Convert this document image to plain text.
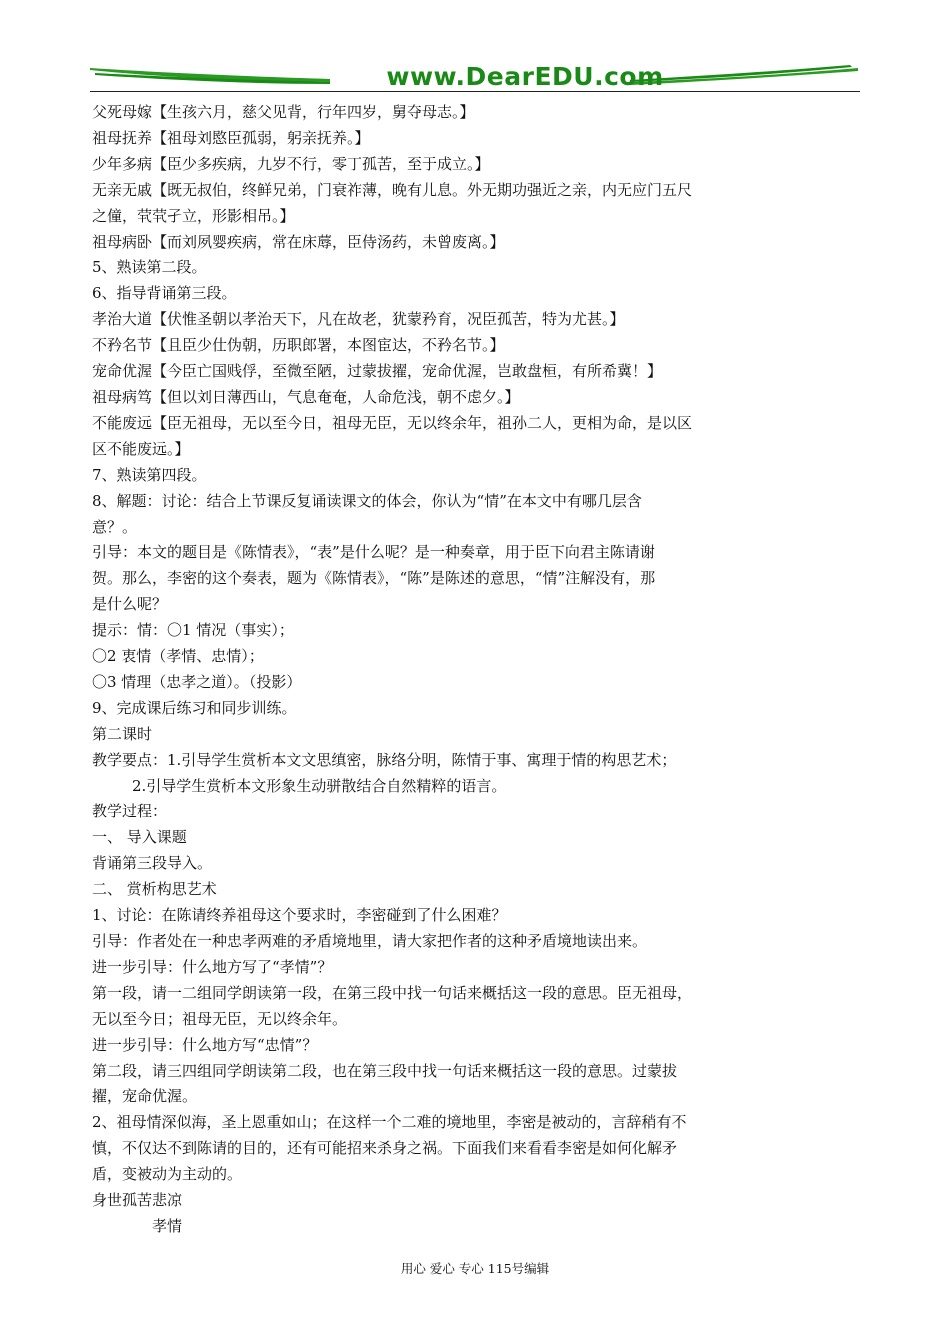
www.DearEDU.com
父死母嫁【生孩六月，慈父见背，行年四岁，舅夺母志。】
祖母抚养【祖母刘愍臣孤弱，躬亲抚养。】
少年多病【臣少多疾病，九岁不行，零丁孤苦，至于成立。】
无亲无戚【既无叔伯，终鲜兄弟，门衰祚薄，晚有儿息。外无期功强近之亲，内无应门五尺
之僮，茕茕孑立，形影相吊。】
祖母病卧【而刘夙婴疾病，常在床蓐，臣侍汤药，未曾废离。】
5、熟读第二段。
6、指导背诵第三段。
孝治大道【伏惟圣朝以孝治天下，凡在故老，犹蒙矜育，况臣孤苦，特为尤甚。】
不矜名节【且臣少仕伪朝，历职郎署，本图宦达，不矜名节。】
宠命优渥【今臣亡国贱俘，至微至陋，过蒙拔擢，宠命优渥，岂敢盘桓，有所希冀！】
祖母病笃【但以刘日薄西山，气息奄奄，人命危浅，朝不虑夕。】
不能废远【臣无祖母，无以至今日，祖母无臣，无以终余年，祖孙二人，更相为命，是以区
区不能废远。】
7、熟读第四段。
8、解题：讨论：结合上节课反复诵读课文的体会，你认为“情”在本文中有哪几层含
意？。
引导：本文的题目是《陈情表》，“表”是什么呢？是一种奏章，用于臣下向君主陈请谢
贺。那么，李密的这个奏表，题为《陈情表》，“陈”是陈述的意思，“情”注解没有，那
是什么呢？
提示：情：〇1 情况（事实）；
〇2 衷情（孝情、忠情）；
〇3 情理（忠孝之道）。（投影）
9、完成课后练习和同步训练。
第二课时
教学要点：1.引导学生赏析本文文思缜密，脉络分明，陈情于事、寓理于情的构思艺术；
2.引导学生赏析本文形象生动骈散结合自然精粹的语言。
教学过程：
一、 导入课题
背诵第三段导入。
二、 赏析构思艺术
1、讨论：在陈请终养祖母这个要求时，李密碰到了什么困难？
引导：作者处在一种忠孝两难的矛盾境地里，请大家把作者的这种矛盾境地读出来。
进一步引导：什么地方写了“孝情”？
第一段，请一二组同学朗读第一段，在第三段中找一句话来概括这一段的意思。臣无祖母，
无以至今日；祖母无臣，无以终余年。
进一步引导：什么地方写“忠情”？
第二段，请三四组同学朗读第二段，也在第三段中找一句话来概括这一段的意思。过蒙拔
擢，宠命优渥。
2、祖母情深似海，圣上恩重如山；在这样一个二难的境地里，李密是被动的，言辞稍有不
慎，不仅达不到陈请的目的，还有可能招来杀身之祸。下面我们来看看李密是如何化解矛
盾，变被动为主动的。
身世孤苦悲凉
孝情
用心 爱心 专心 115号编辑
